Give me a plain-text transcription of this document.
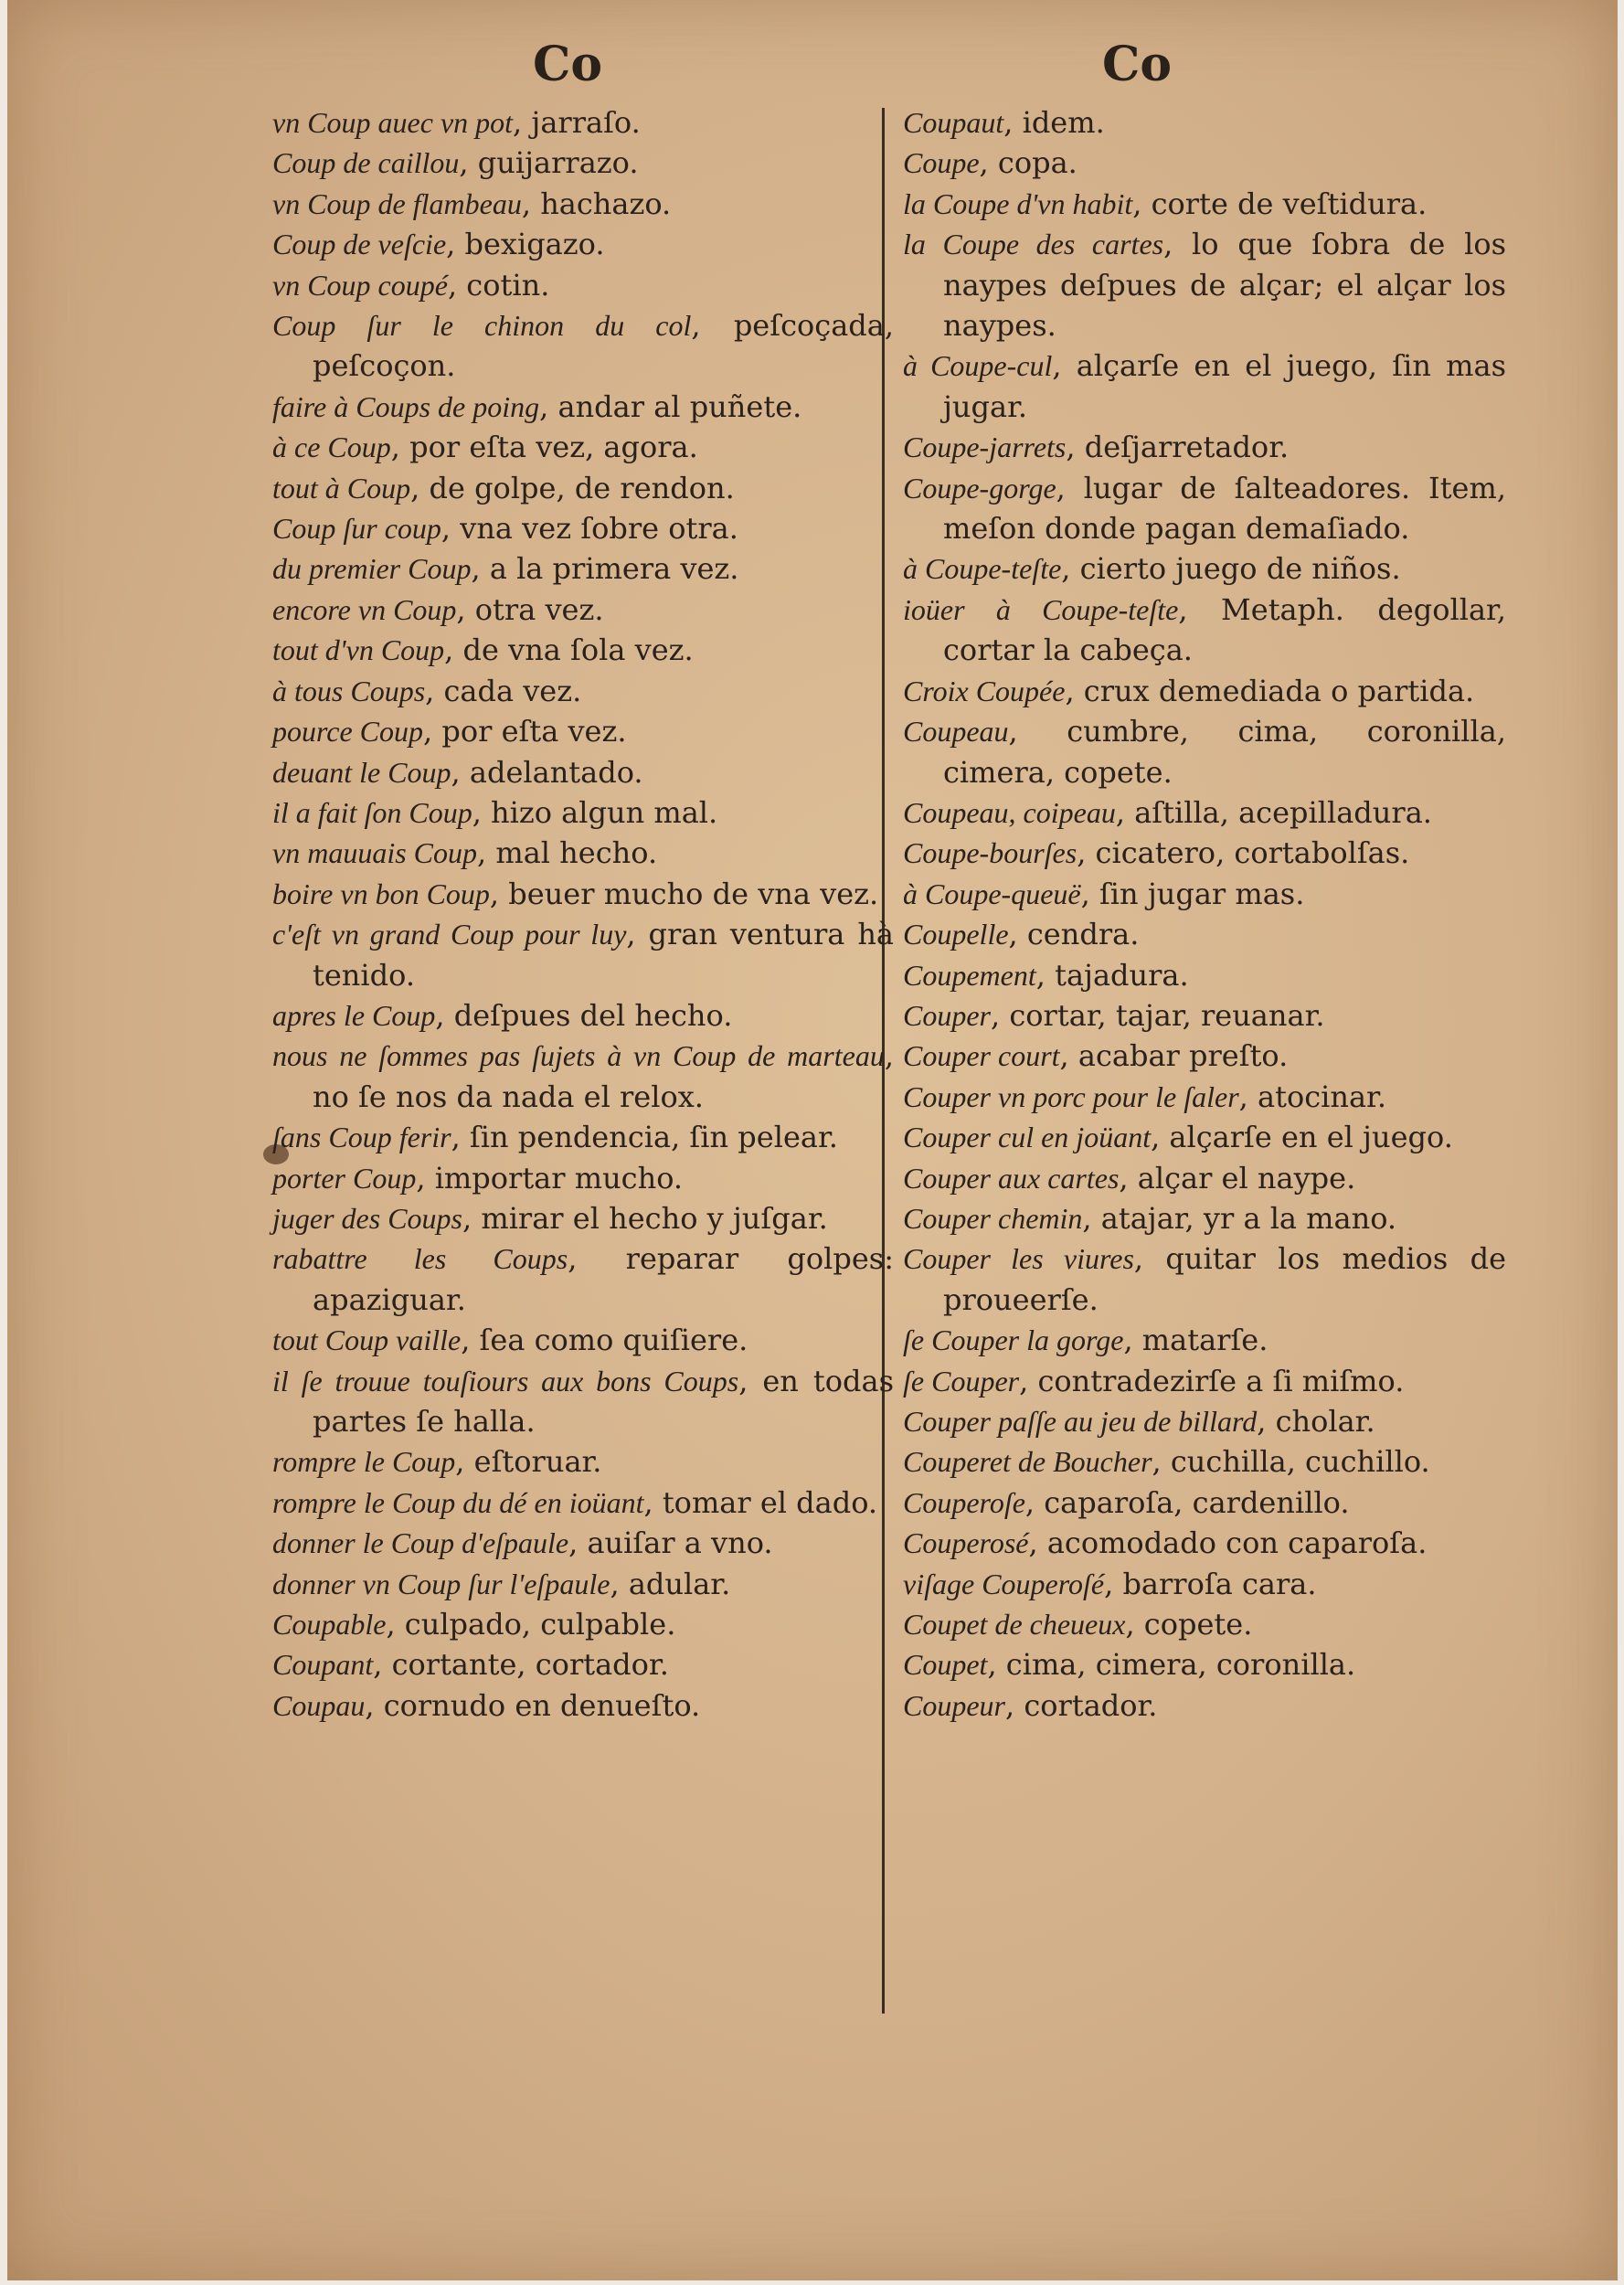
Co	Co
vn Coup auec vn pot, jarraſo.
Coup de caillou, guijarrazo.
vn Coup de flambeau, hachazo.
Coup de veſcie, bexigazo.
vn Coup coupé, cotin.
Coup ſur le chinon du col, peſcoçada, peſcoçon.
faire à Coups de poing, andar al puñete.
à ce Coup, por eſta vez, agora.
tout à Coup, de golpe, de rendon.
Coup ſur coup, vna vez ſobre otra.
du premier Coup, a la primera vez.
encore vn Coup, otra vez.
tout d'vn Coup, de vna ſola vez.
à tous Coups, cada vez.
pource Coup, por eſta vez.
deuant le Coup, adelantado.
il a fait ſon Coup, hizo algun mal.
vn mauuais Coup, mal hecho.
boire vn bon Coup, beuer mucho de vna vez.
c'eſt vn grand Coup pour luy, gran ventura hà tenido.
apres le Coup, deſpues del hecho.
nous ne ſommes pas ſujets à vn Coup de marteau, no ſe nos da nada el relox.
ſans Coup ferir, ſin pendencia, ſin pelear.
porter Coup, importar mucho.
juger des Coups, mirar el hecho y juſgar.
rabattre les Coups, reparar golpes: apaziguar.
tout Coup vaille, ſea como quiſiere.
il ſe trouue touſiours aux bons Coups, en todas partes ſe halla.
rompre le Coup, eſtoruar.
rompre le Coup du dé en ioüant, tomar el dado.
donner le Coup d'eſpaule, auiſar a vno.
donner vn Coup ſur l'eſpaule, adular.
Coupable, culpado, culpable.
Coupant, cortante, cortador.
Coupau, cornudo en denueſto.
Coupaut, idem.
Coupe, copa.
la Coupe d'vn habit, corte de veſtidura.
la Coupe des cartes, lo que ſobra de los naypes deſpues de alçar; el alçar los naypes.
à Coupe-cul, alçarſe en el juego, ſin mas jugar.
Coupe-jarrets, deſjarretador.
Coupe-gorge, lugar de ſalteadores. Item, meſon donde pagan demaſiado.
à Coupe-teſte, cierto juego de niños.
ioüer à Coupe-teſte, Metaph. degollar, cortar la cabeça.
Croix Coupée, crux demediada o partida.
Coupeau, cumbre, cima, coronilla, cimera, copete.
Coupeau, coipeau, aſtilla, acepilladura.
Coupe-bourſes, cicatero, cortabolſas.
à Coupe-queuë, ſin jugar mas.
Coupelle, cendra.
Coupement, tajadura.
Couper, cortar, tajar, reuanar.
Couper court, acabar preſto.
Couper vn porc pour le ſaler, atocinar.
Couper cul en joüant, alçarſe en el juego.
Couper aux cartes, alçar el naype.
Couper chemin, atajar, yr a la mano.
Couper les viures, quitar los medios de proueerſe.
ſe Couper la gorge, matarſe.
ſe Couper, contradezirſe a ſi miſmo.
Couper paſſe au jeu de billard, cholar.
Couperet de Boucher, cuchilla, cuchillo.
Couperoſe, caparoſa, cardenillo.
Couperosé, acomodado con caparoſa.
viſage Couperoſé, barroſa cara.
Coupet de cheueux, copete.
Coupet, cima, cimera, coronilla.
Coupeur, cortador.
